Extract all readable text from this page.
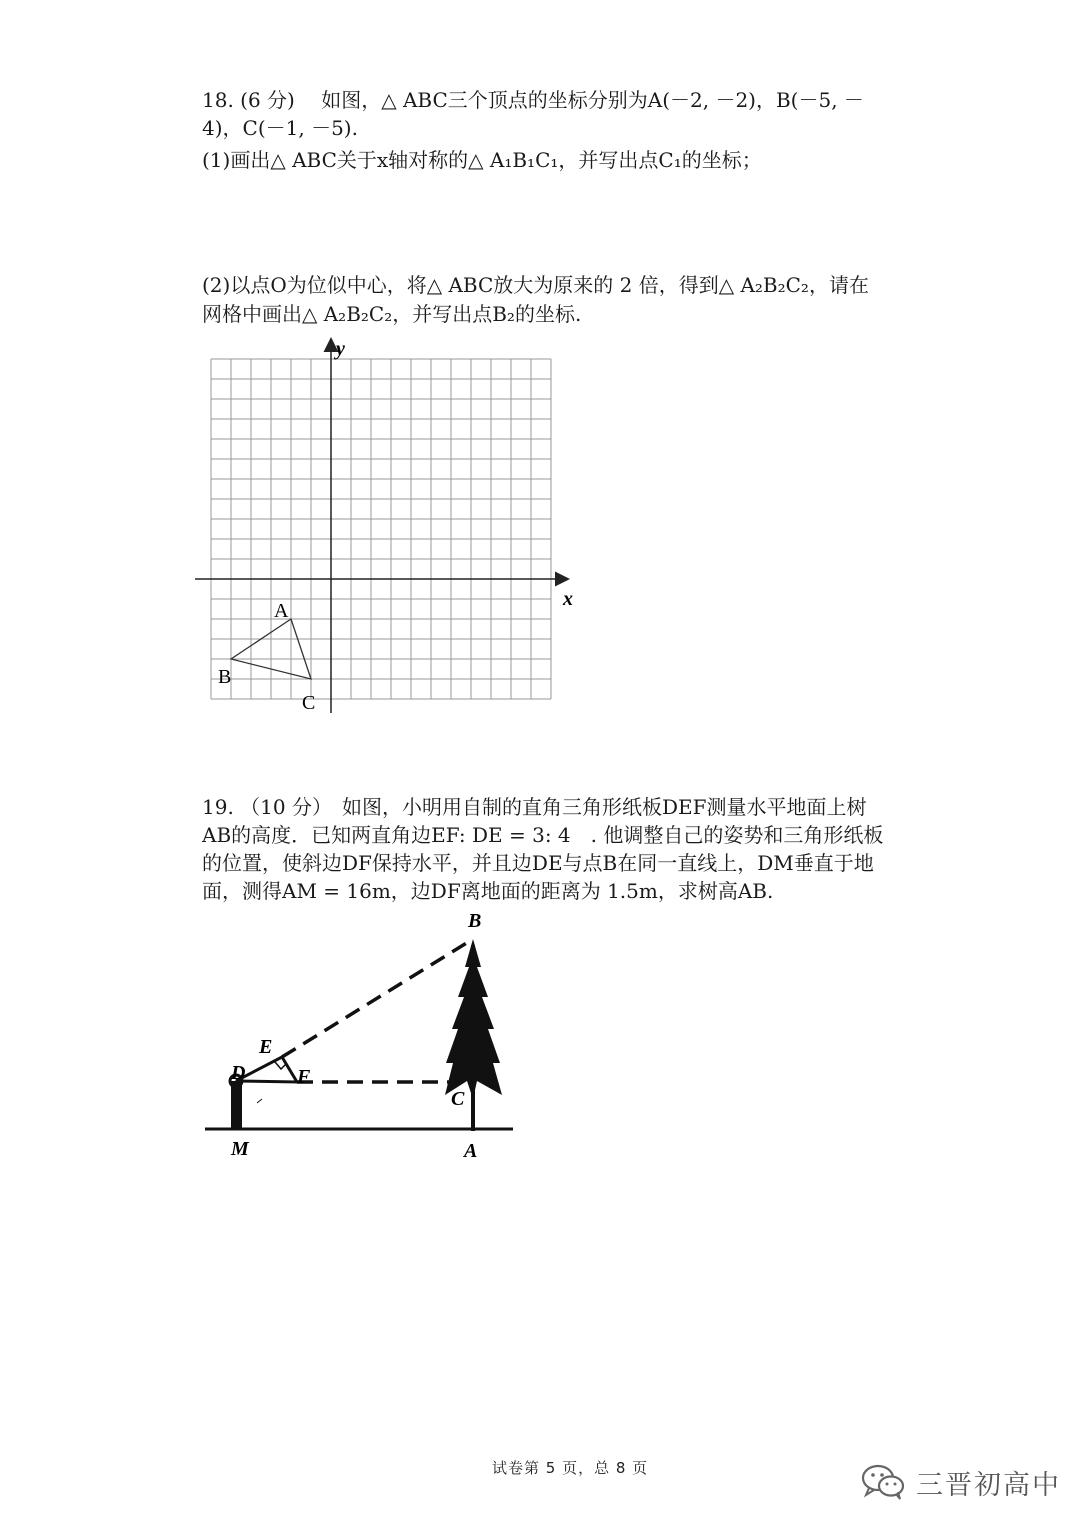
18. (6 分)　 如图，△ ABC三个顶点的坐标分别为A(－2, －2)，B(－5, －
4)，C(－1, －5).
(1)画出△ ABC关于x轴对称的△ A₁B₁C₁，并写出点C₁的坐标；
(2)以点O为位似中心，将△ ABC放大为原来的 2 倍，得到△ A₂B₂C₂，请在
网格中画出△ A₂B₂C₂，并写出点B₂的坐标.
x
y
A
B
C
19. （10 分）　如图，小明用自制的直角三角形纸板DEF测量水平地面上树
AB的高度．已知两直角边EF: DE = 3: 4　. 他调整自己的姿势和三角形纸板
的位置，使斜边DF保持水平，并且边DE与点B在同一直线上，DM垂直于地
面，测得AM = 16m，边DF离地面的距离为 1.5m，求树高AB.
B
E
D	F
C
M	A
试卷第 5 页，总 8 页
三晋初高中
